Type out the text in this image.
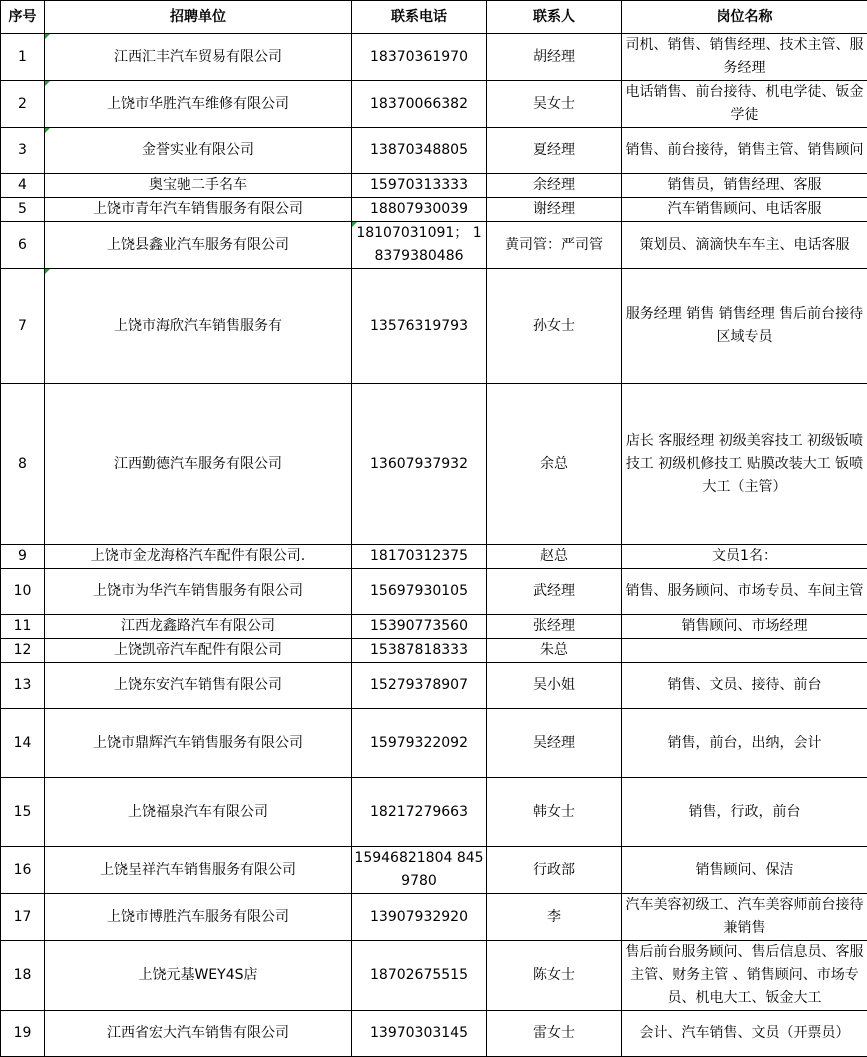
序号	招聘单位	联系电话	联系人	岗位名称
1	江西汇丰汽车贸易有限公司	18370361970	胡经理	司机、销售、销售经理、技术主管、服务经理
2	上饶市华胜汽车维修有限公司	18370066382	吴女士	电话销售、前台接待、机电学徒、钣金学徒
3	金誉实业有限公司	13870348805	夏经理	销售、前台接待，销售主管、销售顾问
4	奥宝驰二手名车	15970313333	余经理	销售员，销售经理、客服
5	上饶市青年汽车销售服务有限公司	18807930039	谢经理	汽车销售顾问、电话客服
6	上饶县鑫业汽车服务有限公司	18107031091； 18379380486	黄司管：严司管	策划员、滴滴快车车主、电话客服
7	上饶市海欣汽车销售服务有	13576319793	孙女士	服务经理 销售 销售经理 售后前台接待 区域专员
8	江西勤德汽车服务有限公司	13607937932	余总	店长 客服经理 初级美容技工 初级钣喷技工 初级机修技工 贴膜改装大工 钣喷大工（主管）
9	上饶市金龙海格汽车配件有限公司.	18170312375	赵总	文员1名：
10	上饶市为华汽车销售服务有限公司	15697930105	武经理	销售、服务顾问、市场专员、车间主管
11	江西龙鑫路汽车有限公司	15390773560	张经理	销售顾问、市场经理
12	上饶凯帝汽车配件有限公司	15387818333	朱总	
13	上饶东安汽车销售有限公司	15279378907	吴小姐	销售、文员、接待、前台
14	上饶市鼎辉汽车销售服务有限公司	15979322092	吴经理	销售，前台，出纳，会计
15	上饶福泉汽车有限公司	18217279663	韩女士	销售，行政，前台
16	上饶呈祥汽车销售服务有限公司	15946821804 8459780	行政部	销售顾问、保洁
17	上饶市博胜汽车服务有限公司	13907932920	李	汽车美容初级工、汽车美容师前台接待兼销售
18	上饶元基WEY4S店	18702675515	陈女士	售后前台服务顾问、售后信息员、客服主管、财务主管 、销售顾问、市场专员、机电大工、钣金大工
19	江西省宏大汽车销售有限公司	13970303145	雷女士	会计、汽车销售、文员（开票员）
